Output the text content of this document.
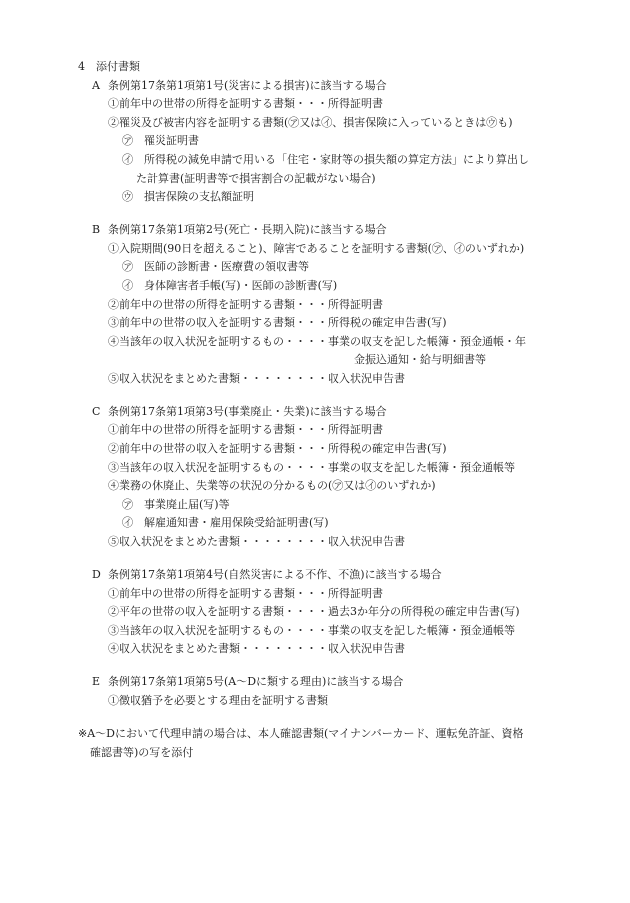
4　添付書類
A 条例第17条第1項第1号(災害による損害)に該当する場合
①前年中の世帯の所得を証明する書類・・・所得証明書
②罹災及び被害内容を証明する書類(㋐又は㋑、損害保険に入っているときは㋒も)
㋐　罹災証明書
㋑　所得税の減免申請で用いる「住宅・家財等の損失額の算定方法」により算出し
た計算書(証明書等で損害割合の記載がない場合)
㋒　損害保険の支払額証明
B 条例第17条第1項第2号(死亡・長期入院)に該当する場合
①入院期間(90日を超えること)、障害であることを証明する書類(㋐、㋑のいずれか)
㋐　医師の診断書・医療費の領収書等
㋑　身体障害者手帳(写)・医師の診断書(写)
②前年中の世帯の所得を証明する書類・・・所得証明書
③前年中の世帯の収入を証明する書類・・・所得税の確定申告書(写)
④当該年の収入状況を証明するもの・・・・事業の収支を記した帳簿・預金通帳・年
金振込通知・給与明細書等
⑤収入状況をまとめた書類・・・・・・・・収入状況申告書
C 条例第17条第1項第3号(事業廃止・失業)に該当する場合
①前年中の世帯の所得を証明する書類・・・所得証明書
②前年中の世帯の収入を証明する書類・・・所得税の確定申告書(写)
③当該年の収入状況を証明するもの・・・・事業の収支を記した帳簿・預金通帳等
④業務の休廃止、失業等の状況の分かるもの(㋐又は㋑のいずれか)
㋐　事業廃止届(写)等
㋑　解雇通知書・雇用保険受給証明書(写)
⑤収入状況をまとめた書類・・・・・・・・収入状況申告書
D 条例第17条第1項第4号(自然災害による不作、不漁)に該当する場合
①前年中の世帯の所得を証明する書類・・・所得証明書
②平年の世帯の収入を証明する書類・・・・過去3か年分の所得税の確定申告書(写)
③当該年の収入状況を証明するもの・・・・事業の収支を記した帳簿・預金通帳等
④収入状況をまとめた書類・・・・・・・・収入状況申告書
E 条例第17条第1項第5号(A～Dに類する理由)に該当する場合
①徴収猶予を必要とする理由を証明する書類
※A～Dにおいて代理申請の場合は、本人確認書類(マイナンバーカード、運転免許証、資格
確認書等)の写を添付
